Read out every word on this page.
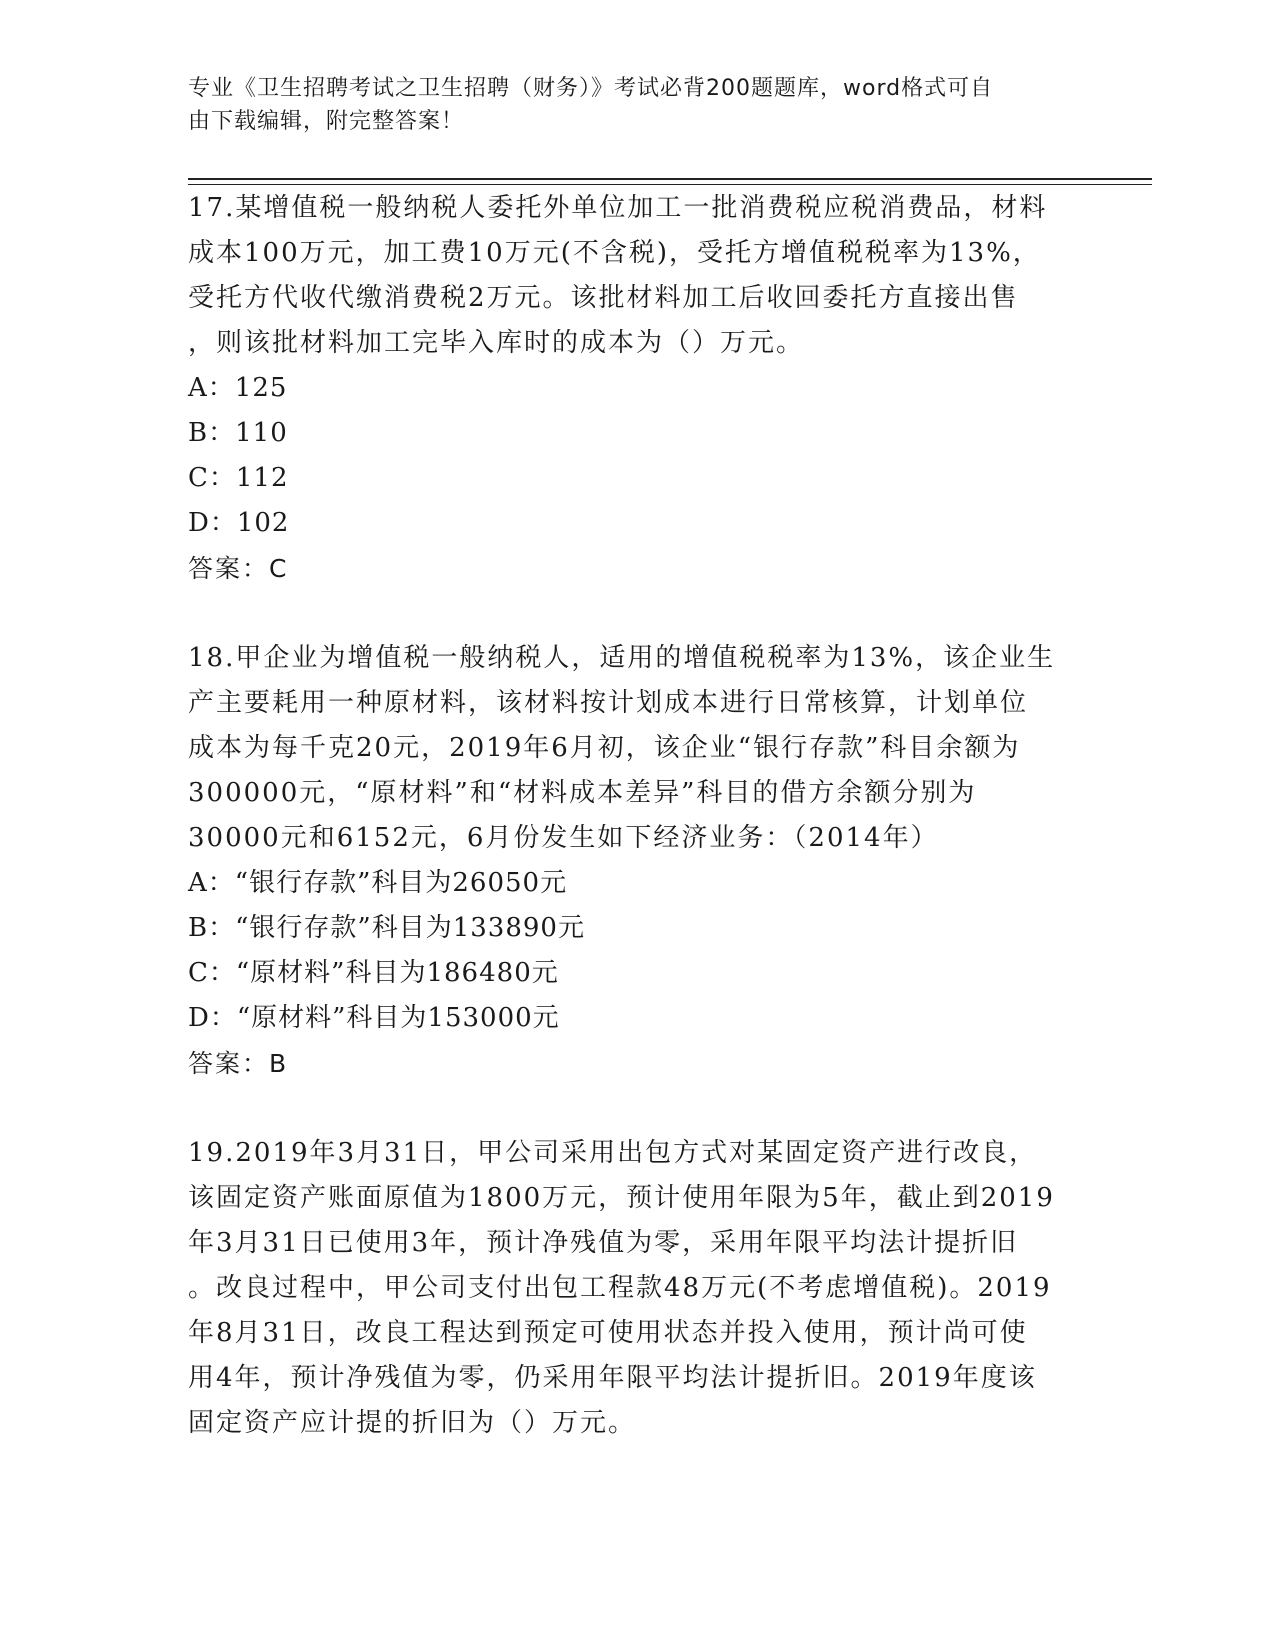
专业《卫生招聘考试之卫生招聘（财务）》考试必背200题题库，word格式可自
由下载编辑，附完整答案！

17.某增值税一般纳税人委托外单位加工一批消费税应税消费品，材料

成本100万元，加工费10万元(不含税)，受托方增值税税率为13%，

受托方代收代缴消费税2万元。该批材料加工后收回委托方直接出售

，则该批材料加工完毕入库时的成本为（）万元。

A：125

B：110

C：112

D：102

答案：C

18.甲企业为增值税一般纳税人，适用的增值税税率为13%，该企业生

产主要耗用一种原材料，该材料按计划成本进行日常核算，计划单位

成本为每千克20元，2019年6月初，该企业“银行存款”科目余额为

300000元，“原材料”和“材料成本差异”科目的借方余额分别为

30000元和6152元，6月份发生如下经济业务：（2014年）

A：“银行存款”科目为26050元

B：“银行存款”科目为133890元

C：“原材料”科目为186480元

D：“原材料”科目为153000元

答案：B

19.2019年3月31日，甲公司采用出包方式对某固定资产进行改良，

该固定资产账面原值为1800万元，预计使用年限为5年，截止到2019

年3月31日已使用3年，预计净残值为零，采用年限平均法计提折旧

。改良过程中，甲公司支付出包工程款48万元(不考虑增值税)。2019

年8月31日，改良工程达到预定可使用状态并投入使用，预计尚可使

用4年，预计净残值为零，仍采用年限平均法计提折旧。2019年度该

固定资产应计提的折旧为（）万元。
